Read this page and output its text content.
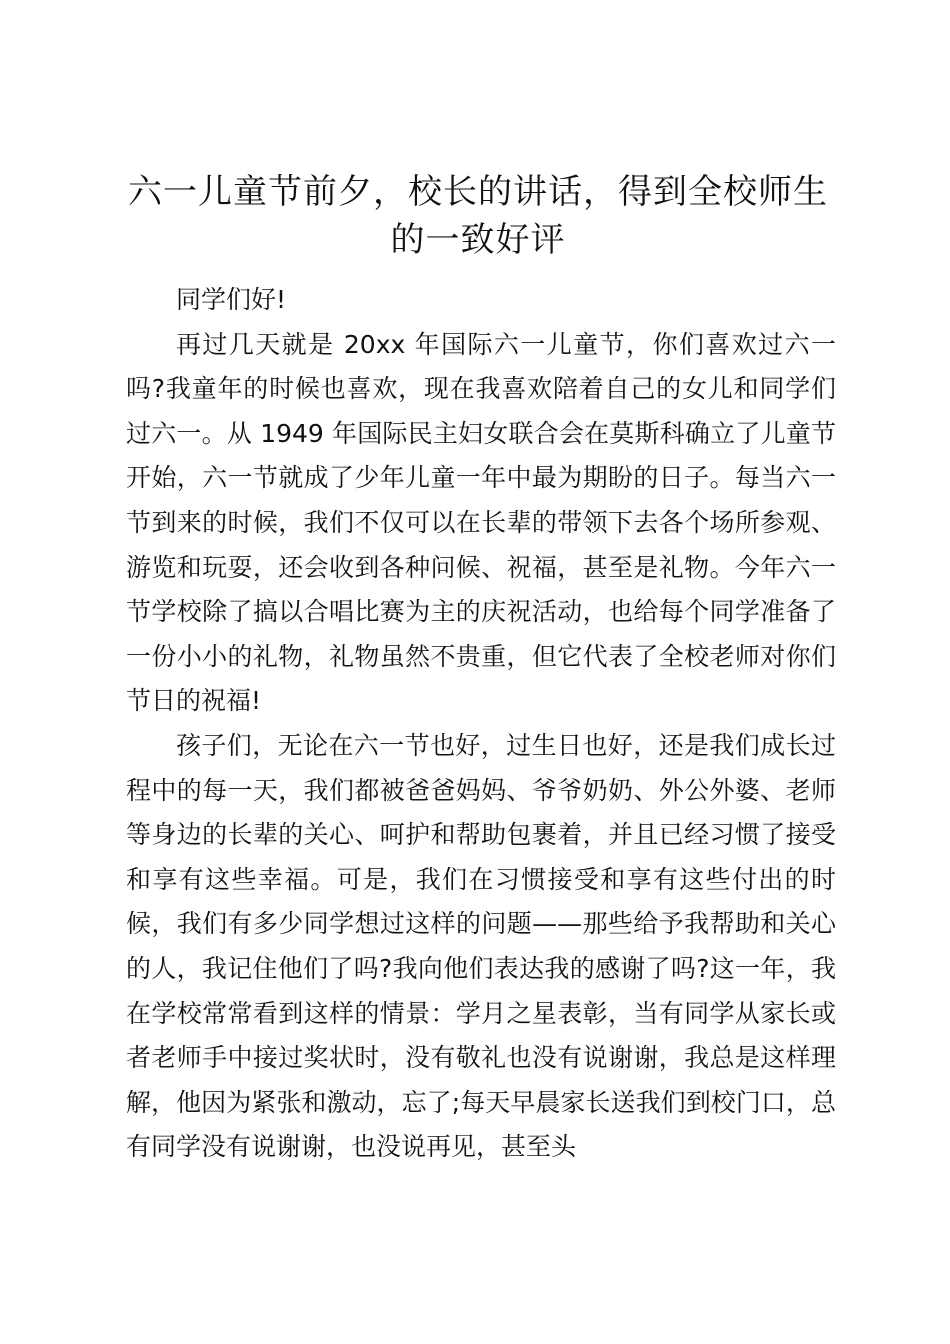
六一儿童节前夕，校长的讲话，得到全校师生的一致好评

同学们好!

再过几天就是 20xx 年国际六一儿童节，你们喜欢过六一吗?我童年的时候也喜欢，现在我喜欢陪着自己的女儿和同学们过六一。从 1949 年国际民主妇女联合会在莫斯科确立了儿童节开始，六一节就成了少年儿童一年中最为期盼的日子。每当六一节到来的时候，我们不仅可以在长辈的带领下去各个场所参观、游览和玩耍，还会收到各种问候、祝福，甚至是礼物。今年六一节学校除了搞以合唱比赛为主的庆祝活动，也给每个同学准备了一份小小的礼物，礼物虽然不贵重，但它代表了全校老师对你们节日的祝福!

孩子们，无论在六一节也好，过生日也好，还是我们成长过程中的每一天，我们都被爸爸妈妈、爷爷奶奶、外公外婆、老师等身边的长辈的关心、呵护和帮助包裹着，并且已经习惯了接受和享有这些幸福。可是，我们在习惯接受和享有这些付出的时候，我们有多少同学想过这样的问题——那些给予我帮助和关心的人，我记住他们了吗?我向他们表达我的感谢了吗?这一年，我在学校常常看到这样的情景：学月之星表彰，当有同学从家长或者老师手中接过奖状时，没有敬礼也没有说谢谢，我总是这样理解，他因为紧张和激动，忘了;每天早晨家长送我们到校门口，总有同学没有说谢谢，也没说再见，甚至头
